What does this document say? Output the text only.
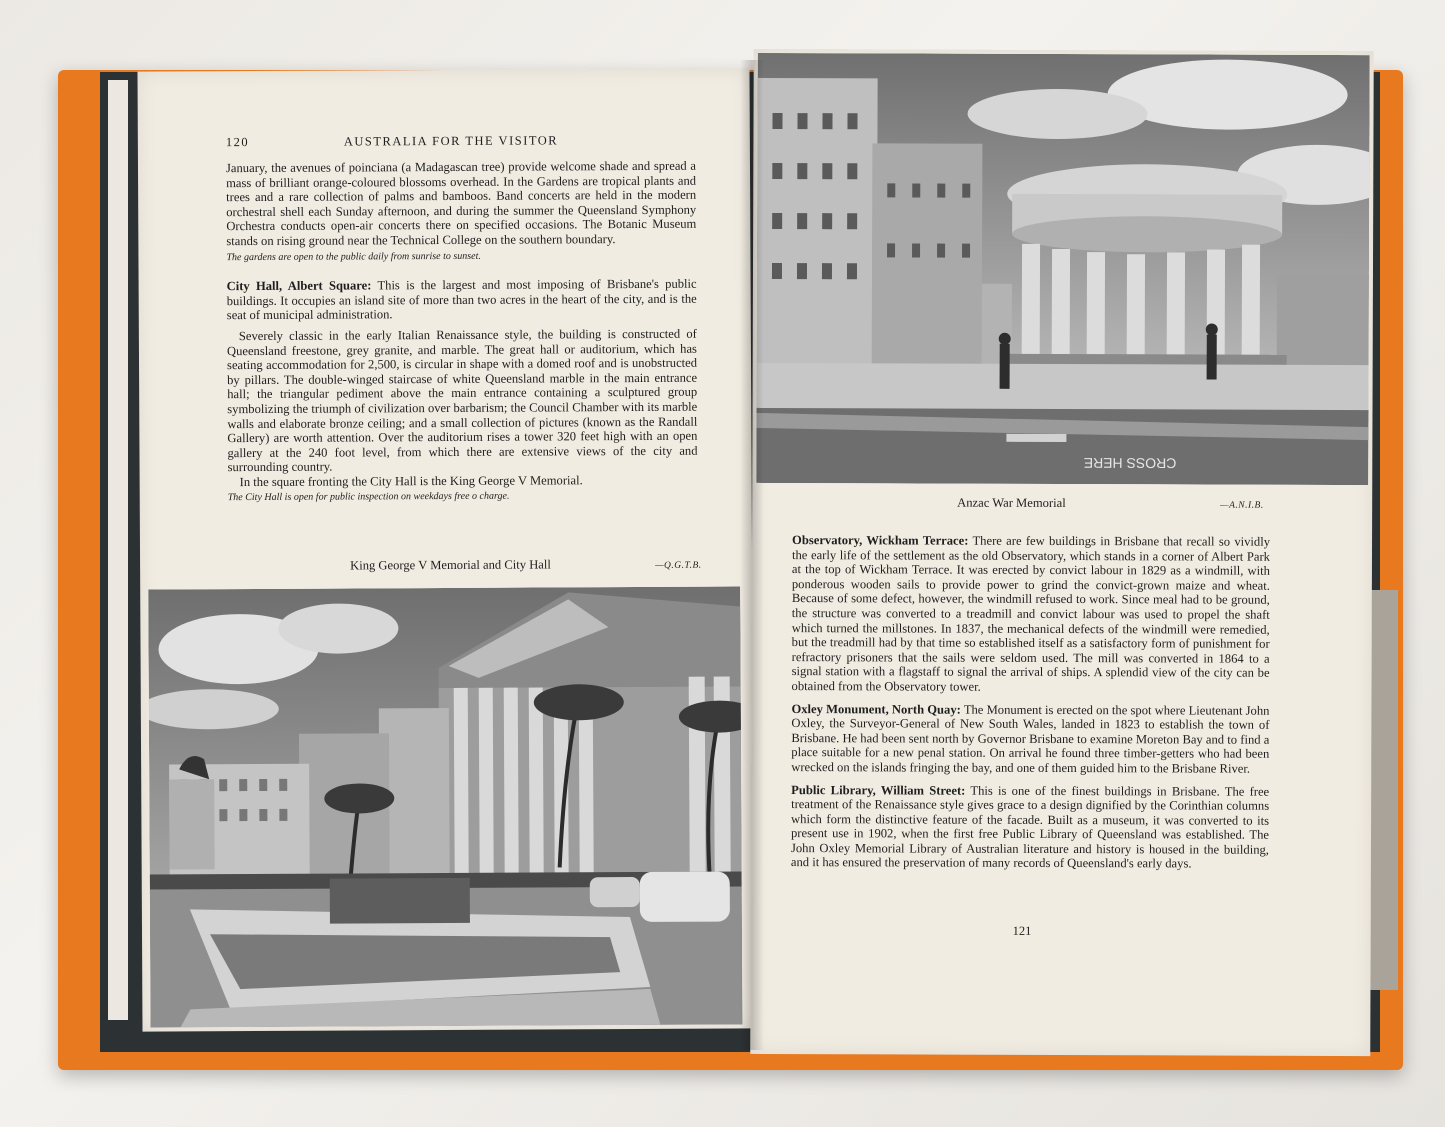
120	AUSTRALIA FOR THE VISITOR

January, the avenues of poinciana (a Madagascan tree) provide welcome shade and spread a mass of brilliant orange-coloured blossoms overhead. In the Gardens are tropical plants and trees and a rare collection of palms and bamboos. Band concerts are held in the modern orchestral shell each Sunday afternoon, and during the summer the Queensland Symphony Orchestra conducts open-air concerts there on specified occasions. The Botanic Museum stands on rising ground near the Technical College on the southern boundary.

The gardens are open to the public daily from sunrise to sunset.

City Hall, Albert Square: This is the largest and most imposing of Brisbane's public buildings. It occupies an island site of more than two acres in the heart of the city, and is the seat of municipal administration.

Severely classic in the early Italian Renaissance style, the building is constructed of Queensland freestone, grey granite, and marble. The great hall or auditorium, which has seating accommodation for 2,500, is circular in shape with a domed roof and is unobstructed by pillars. The double-winged staircase of white Queensland marble in the main entrance hall; the triangular pediment above the main entrance containing a sculptured group symbolizing the triumph of civilization over barbarism; the Council Chamber with its marble walls and elaborate bronze ceiling; and a small collection of pictures (known as the Randall Gallery) are worth attention. Over the auditorium rises a tower 320 feet high with an open gallery at the 240 foot level, from which there are extensive views of the city and surrounding country.

In the square fronting the City Hall is the King George V Memorial.

The City Hall is open for public inspection on weekdays free o charge.

King George V Memorial and City Hall	—Q.G.T.B.
CROSS HERE
Anzac War Memorial	—A.N.I.B.

Observatory, Wickham Terrace: There are few buildings in Brisbane that recall so vividly the early life of the settlement as the old Observatory, which stands in a corner of Albert Park at the top of Wickham Terrace. It was erected by convict labour in 1829 as a windmill, with ponderous wooden sails to provide power to grind the convict-grown maize and wheat. Because of some defect, however, the windmill refused to work. Since meal had to be ground, the structure was converted to a treadmill and convict labour was used to propel the shaft which turned the millstones. In 1837, the mechanical defects of the windmill were remedied, but the treadmill had by that time so established itself as a satisfactory form of punishment for refractory prisoners that the sails were seldom used. The mill was converted in 1864 to a signal station with a flagstaff to signal the arrival of ships. A splendid view of the city can be obtained from the Observatory tower.

Oxley Monument, North Quay: The Monument is erected on the spot where Lieutenant John Oxley, the Surveyor-General of New South Wales, landed in 1823 to establish the town of Brisbane. He had been sent north by Governor Brisbane to examine Moreton Bay and to find a place suitable for a new penal station. On arrival he found three timber-getters who had been wrecked on the islands fringing the bay, and one of them guided him to the Brisbane River.

Public Library, William Street: This is one of the finest buildings in Brisbane. The free treatment of the Renaissance style gives grace to a design dignified by the Corinthian columns which form the distinctive feature of the facade. Built as a museum, it was converted to its present use in 1902, when the first free Public Library of Queensland was established. The John Oxley Memorial Library of Australian literature and history is housed in the building, and it has ensured the preservation of many records of Queensland's early days.

121
